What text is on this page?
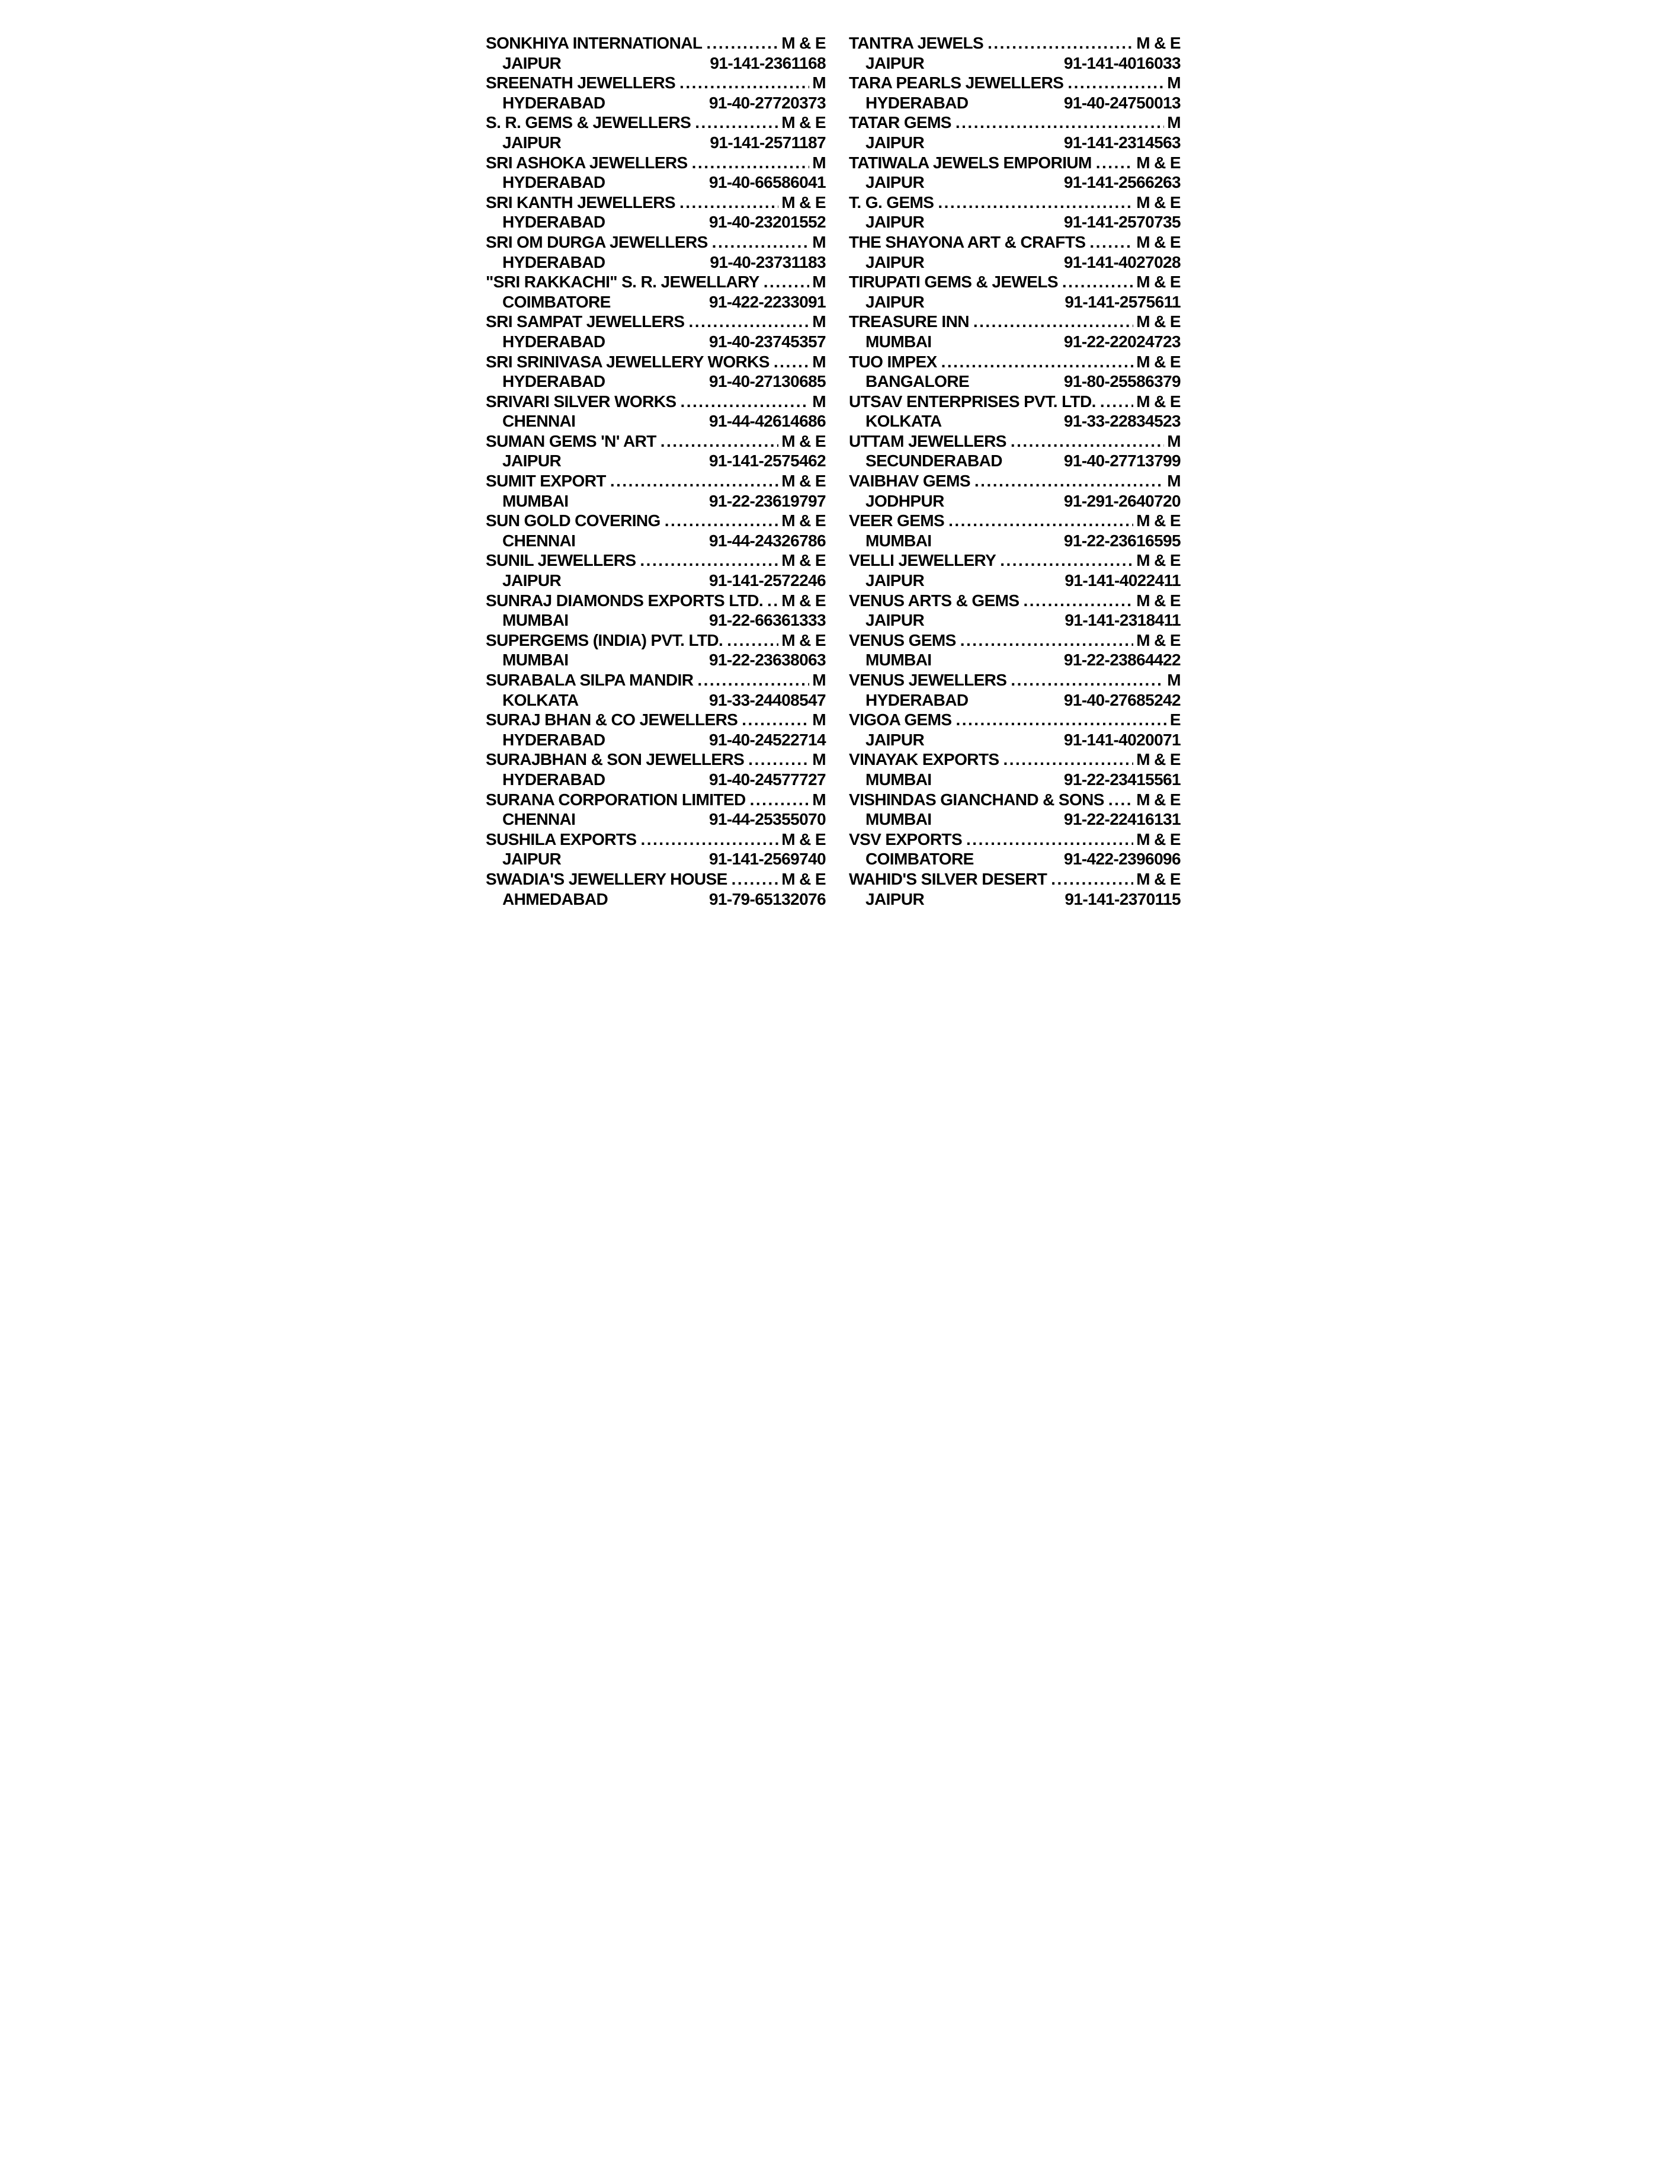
SONKHIYA INTERNATIONAL .....	M & E
JAIPUR	91-141-2361168
SREENATH JEWELLERS .....	M
HYDERABAD	91-40-27720373
S. R. GEMS & JEWELLERS .....	M & E
JAIPUR	91-141-2571187
SRI ASHOKA JEWELLERS .....	M
HYDERABAD	91-40-66586041
SRI KANTH JEWELLERS .....	M & E
HYDERABAD	91-40-23201552
SRI OM DURGA JEWELLERS .....	M
HYDERABAD	91-40-23731183
"SRI RAKKACHI" S. R. JEWELLARY .....	M
COIMBATORE	91-422-2233091
SRI SAMPAT JEWELLERS .....	M
HYDERABAD	91-40-23745357
SRI SRINIVASA JEWELLERY WORKS .....	M
HYDERABAD	91-40-27130685
SRIVARI SILVER WORKS .....	M
CHENNAI	91-44-42614686
SUMAN GEMS 'N' ART .....	M & E
JAIPUR	91-141-2575462
SUMIT EXPORT .....	M & E
MUMBAI	91-22-23619797
SUN GOLD COVERING .....	M & E
CHENNAI	91-44-24326786
SUNIL JEWELLERS .....	M & E
JAIPUR	91-141-2572246
SUNRAJ DIAMONDS EXPORTS LTD. ..... M & E
MUMBAI	91-22-66361333
SUPERGEMS (INDIA) PVT. LTD. .....	M & E
MUMBAI	91-22-23638063
SURABALA SILPA MANDIR .....	M
KOLKATA	91-33-24408547
SURAJ BHAN & CO JEWELLERS .....	M
HYDERABAD	91-40-24522714
SURAJBHAN & SON JEWELLERS .....	M
HYDERABAD	91-40-24577727
SURANA CORPORATION LIMITED .....	M
CHENNAI	91-44-25355070
SUSHILA EXPORTS .....	M & E
JAIPUR	91-141-2569740
SWADIA'S JEWELLERY HOUSE .....	M & E
AHMEDABAD	91-79-65132076
TANTRA JEWELS .....	M & E
JAIPUR	91-141-4016033
TARA PEARLS JEWELLERS .....	M
HYDERABAD	91-40-24750013
TATAR GEMS .....	M
JAIPUR	91-141-2314563
TATIWALA JEWELS EMPORIUM .....	M & E
JAIPUR	91-141-2566263
T. G. GEMS .....	M & E
JAIPUR	91-141-2570735
THE SHAYONA ART & CRAFTS .....	M & E
JAIPUR	91-141-4027028
TIRUPATI GEMS & JEWELS .....	M & E
JAIPUR	91-141-2575611
TREASURE INN .....	M & E
MUMBAI	91-22-22024723
TUO IMPEX .....	M & E
BANGALORE	91-80-25586379
UTSAV ENTERPRISES PVT. LTD. ..... M & E
KOLKATA	91-33-22834523
UTTAM JEWELLERS .....	M
SECUNDERABAD	91-40-27713799
VAIBHAV GEMS .....	M
JODHPUR	91-291-2640720
VEER GEMS .....	M & E
MUMBAI	91-22-23616595
VELLI JEWELLERY .....	M & E
JAIPUR	91-141-4022411
VENUS ARTS & GEMS .....	M & E
JAIPUR	91-141-2318411
VENUS GEMS .....	M & E
MUMBAI	91-22-23864422
VENUS JEWELLERS .....	M
HYDERABAD	91-40-27685242
VIGOA GEMS .....	E
JAIPUR	91-141-4020071
VINAYAK EXPORTS .....	M & E
MUMBAI	91-22-23415561
VISHINDAS GIANCHAND & SONS ..... M & E
MUMBAI	91-22-22416131
VSV EXPORTS .....	M & E
COIMBATORE	91-422-2396096
WAHID'S SILVER DESERT .....	M & E
JAIPUR	91-141-2370115
